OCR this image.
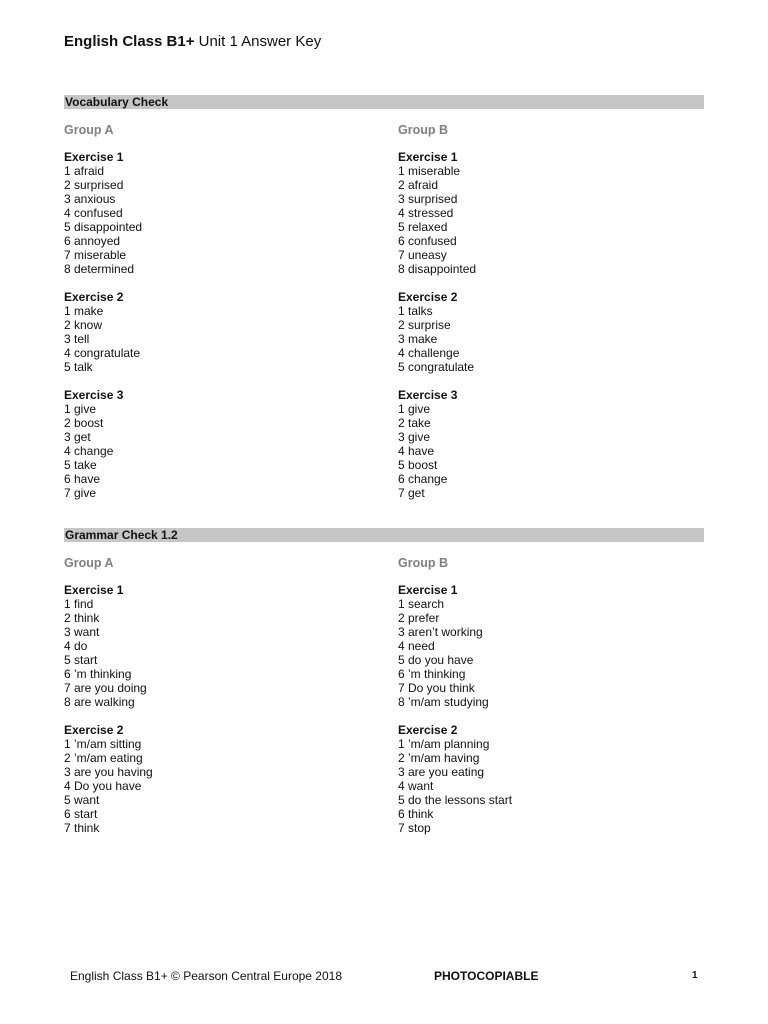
English Class B1+ Unit 1 Answer Key
Vocabulary Check
Group A	Group B
Exercise 1
1 afraid
2 surprised
3 anxious
4 confused
5 disappointed
6 annoyed
7 miserable
8 determined
Exercise 2
1 make
2 know
3 tell
4 congratulate
5 talk
Exercise 3
1 give
2 boost
3 get
4 change
5 take
6 have
7 give
Exercise 1
1 miserable
2 afraid
3 surprised
4 stressed
5 relaxed
6 confused
7 uneasy
8 disappointed
Exercise 2
1 talks
2 surprise
3 make
4 challenge
5 congratulate
Exercise 3
1 give
2 take
3 give
4 have
5 boost
6 change
7 get
Grammar Check 1.2
Group A	Group B
Exercise 1
1 find
2 think
3 want
4 do
5 start
6 ’m thinking
7 are you doing
8 are walking
Exercise 2
1 ’m/am sitting
2 ’m/am eating
3 are you having
4 Do you have
5 want
6 start
7 think
Exercise 1
1 search
2 prefer
3 aren’t working
4 need
5 do you have
6 ’m thinking
7 Do you think
8 ’m/am studying
Exercise 2
1 ’m/am planning
2 ’m/am having
3 are you eating
4 want
5 do the lessons start
6 think
7 stop
English Class B1+ © Pearson Central Europe 2018	PHOTOCOPIABLE	1
